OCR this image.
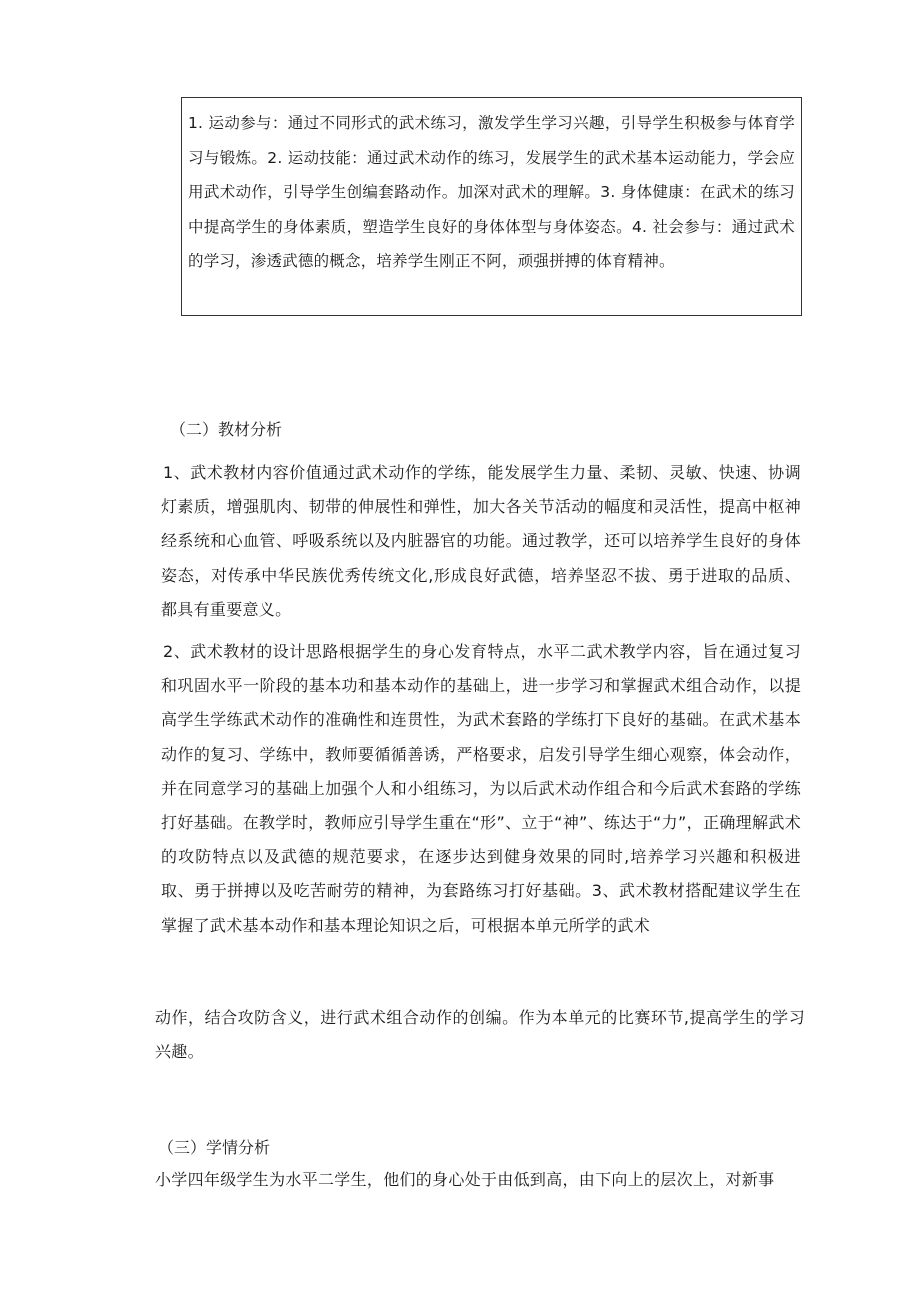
1. 运动参与：通过不同形式的武术练习，激发学生学习兴趣，引导学生积极参与体育学习与锻炼。2. 运动技能：通过武术动作的练习，发展学生的武术基本运动能力，学会应用武术动作，引导学生创编套路动作。加深对武术的理解。3. 身体健康：在武术的练习中提高学生的身体素质，塑造学生良好的身体体型与身体姿态。4. 社会参与：通过武术的学习，渗透武德的概念，培养学生刚正不阿，顽强拼搏的体育精神。
（二）教材分析
1、武术教材内容价值通过武术动作的学练，能发展学生力量、柔韧、灵敏、快速、协调灯素质，增强肌肉、韧带的伸展性和弹性，加大各关节活动的幅度和灵活性，提高中枢神经系统和心血管、呼吸系统以及内脏器官的功能。通过教学，还可以培养学生良好的身体姿态，对传承中华民族优秀传统文化,形成良好武德，培养坚忍不拔、勇于进取的品质、都具有重要意义。
2、武术教材的设计思路根据学生的身心发育特点，水平二武术教学内容，旨在通过复习和巩固水平一阶段的基本功和基本动作的基础上，进一步学习和掌握武术组合动作，以提高学生学练武术动作的准确性和连贯性，为武术套路的学练打下良好的基础。在武术基本动作的复习、学练中，教师要循循善诱，严格要求，启发引导学生细心观察，体会动作，并在同意学习的基础上加强个人和小组练习，为以后武术动作组合和今后武术套路的学练打好基础。在教学时，教师应引导学生重在“形”、立于“神”、练达于“力”，正确理解武术的攻防特点以及武德的规范要求，在逐步达到健身效果的同时,培养学习兴趣和积极进取、勇于拼搏以及吃苦耐劳的精神，为套路练习打好基础。3、武术教材搭配建议学生在掌握了武术基本动作和基本理论知识之后，可根据本单元所学的武术
动作，结合攻防含义，进行武术组合动作的创编。作为本单元的比赛环节,提高学生的学习兴趣。
（三）学情分析
小学四年级学生为水平二学生，他们的身心处于由低到高，由下向上的层次上，对新事
